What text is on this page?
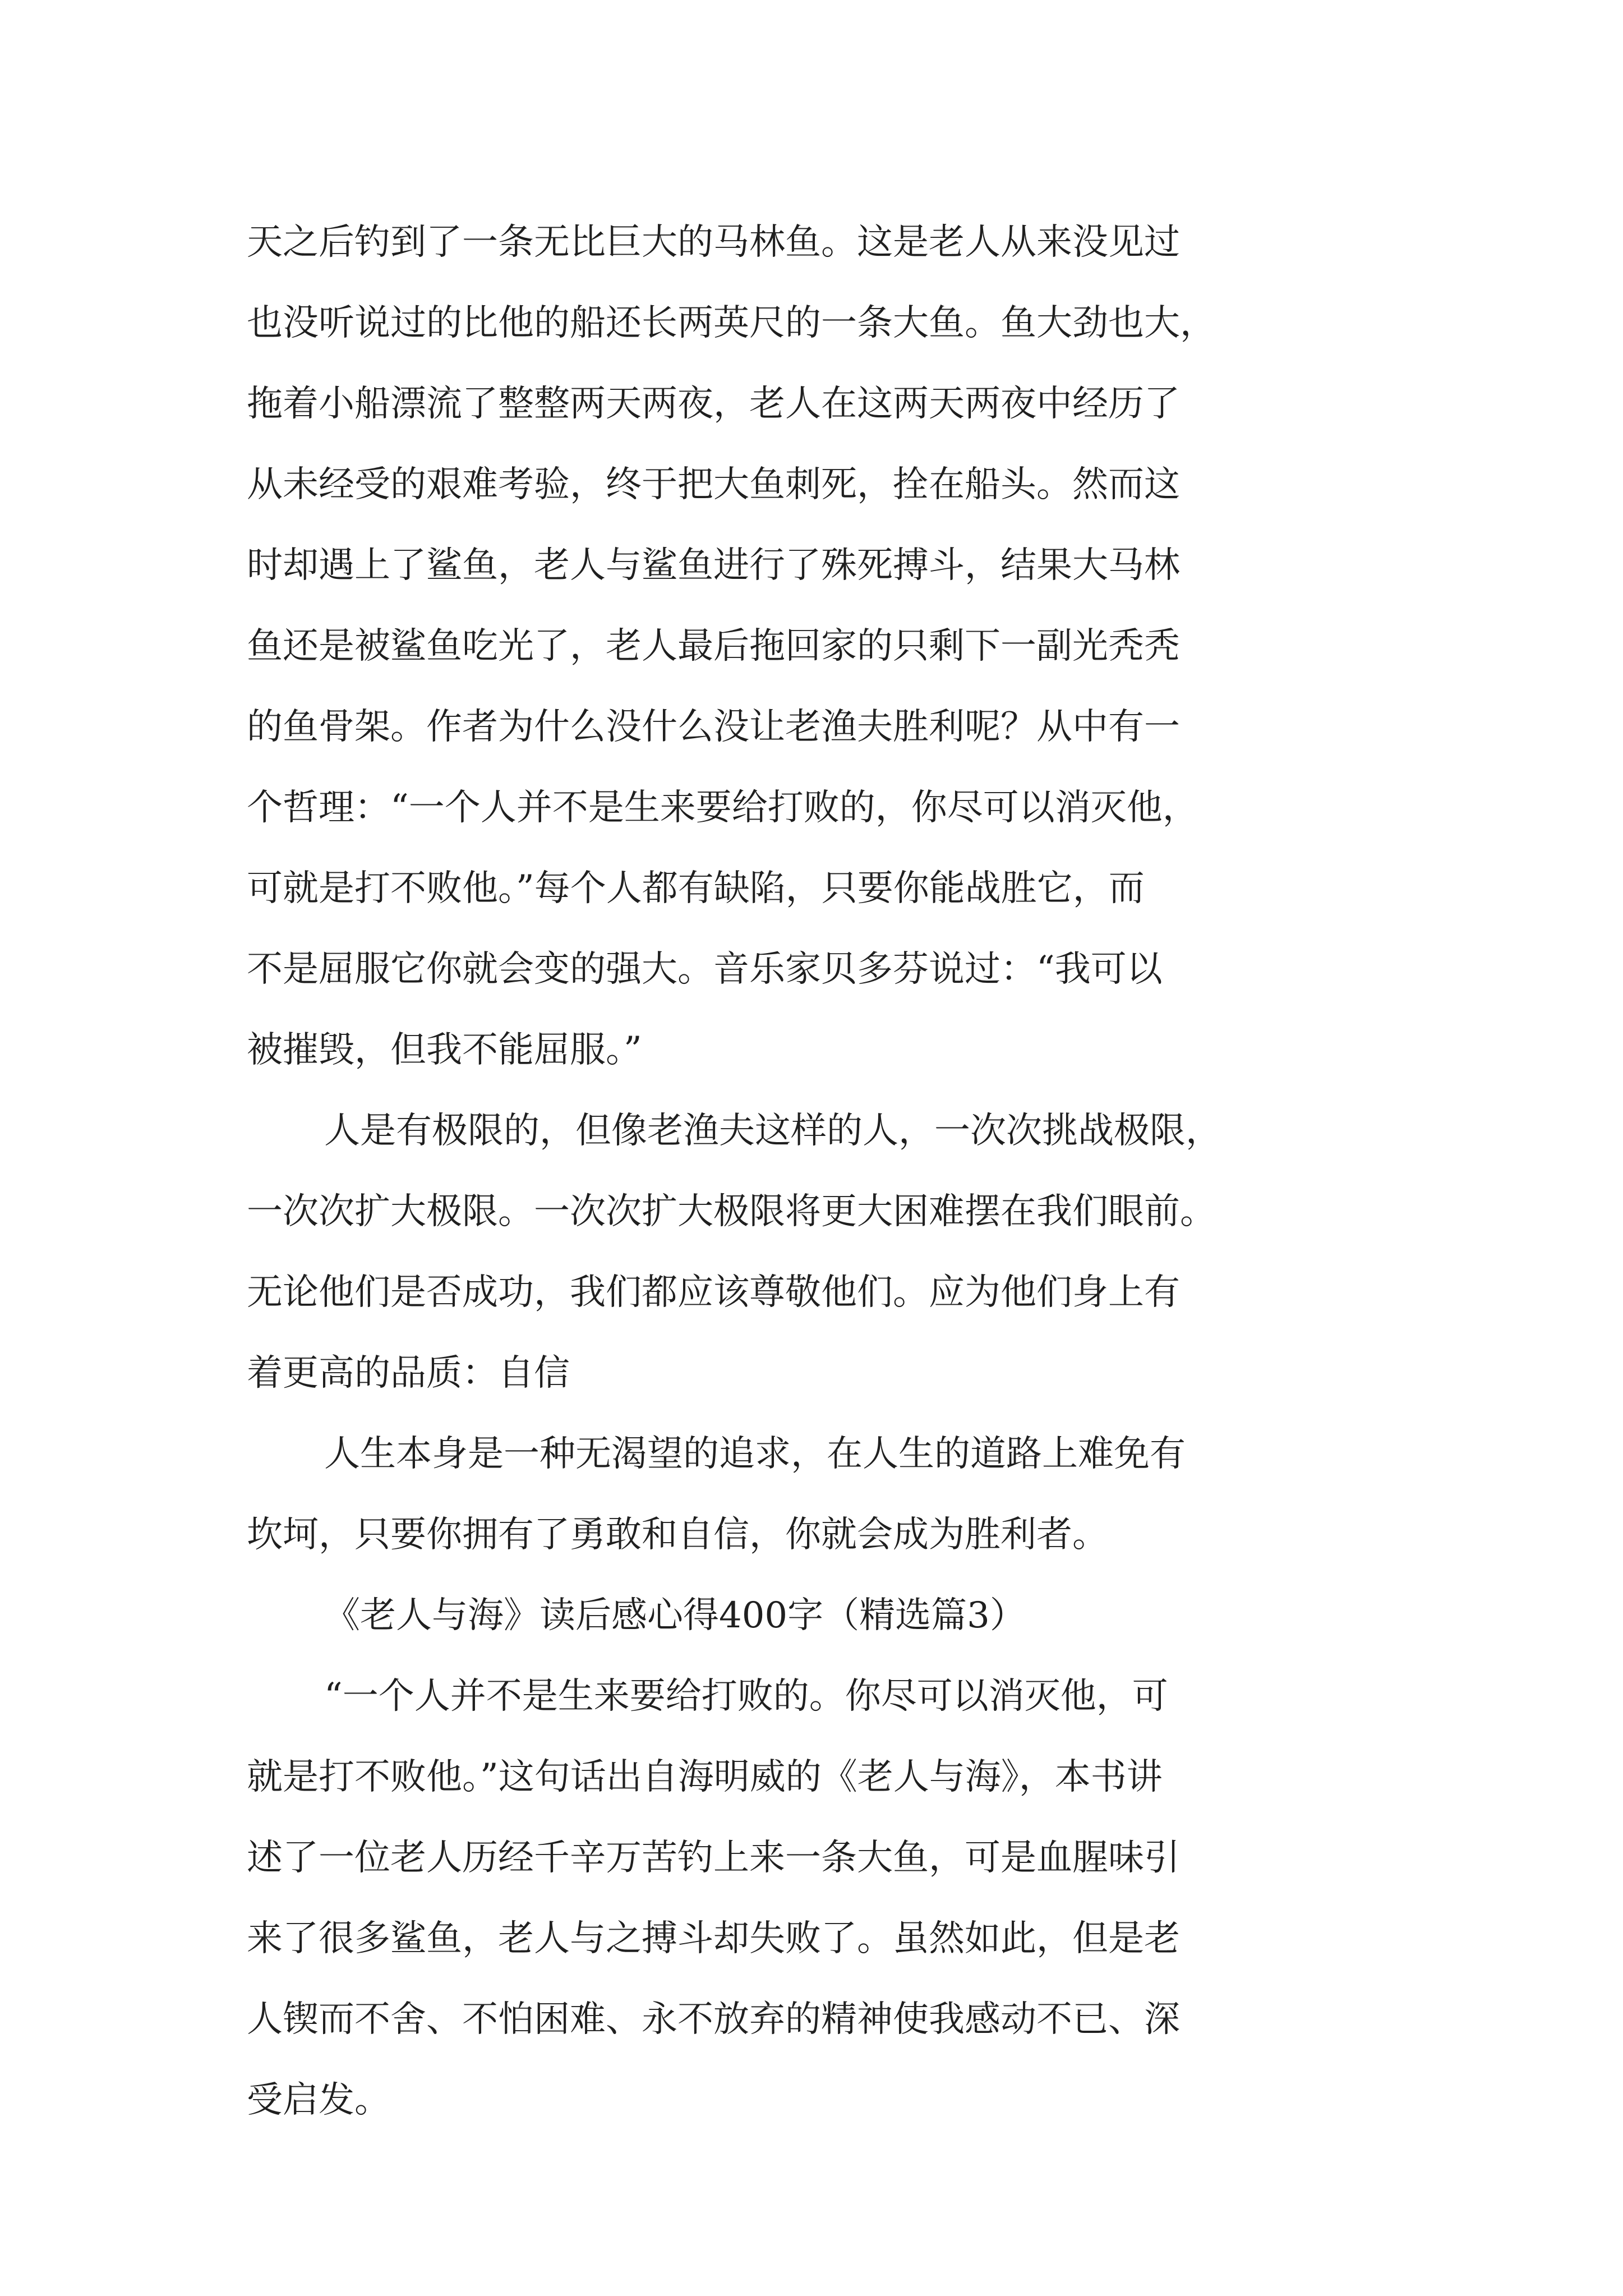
天之后钓到了一条无比巨大的马林鱼。这是老人从来没见过
也没听说过的比他的船还长两英尺的一条大鱼。鱼大劲也大，
拖着小船漂流了整整两天两夜，老人在这两天两夜中经历了
从未经受的艰难考验，终于把大鱼刺死，拴在船头。然而这
时却遇上了鲨鱼，老人与鲨鱼进行了殊死搏斗，结果大马林
鱼还是被鲨鱼吃光了，老人最后拖回家的只剩下一副光秃秃
的鱼骨架。作者为什么没什么没让老渔夫胜利呢？从中有一
个哲理：“一个人并不是生来要给打败的，你尽可以消灭他，
可就是打不败他。”每个人都有缺陷，只要你能战胜它，而
不是屈服它你就会变的强大。音乐家贝多芬说过：“我可以
被摧毁，但我不能屈服。”
人是有极限的，但像老渔夫这样的人，一次次挑战极限，
一次次扩大极限。一次次扩大极限将更大困难摆在我们眼前。
无论他们是否成功，我们都应该尊敬他们。应为他们身上有
着更高的品质：自信
人生本身是一种无渴望的追求，在人生的道路上难免有
坎坷，只要你拥有了勇敢和自信，你就会成为胜利者。
《老人与海》读后感心得400字（精选篇3）
“一个人并不是生来要给打败的。你尽可以消灭他，可
就是打不败他。”这句话出自海明威的《老人与海》，本书讲
述了一位老人历经千辛万苦钓上来一条大鱼，可是血腥味引
来了很多鲨鱼，老人与之搏斗却失败了。虽然如此，但是老
人锲而不舍、不怕困难、永不放弃的精神使我感动不已、深
受启发。
